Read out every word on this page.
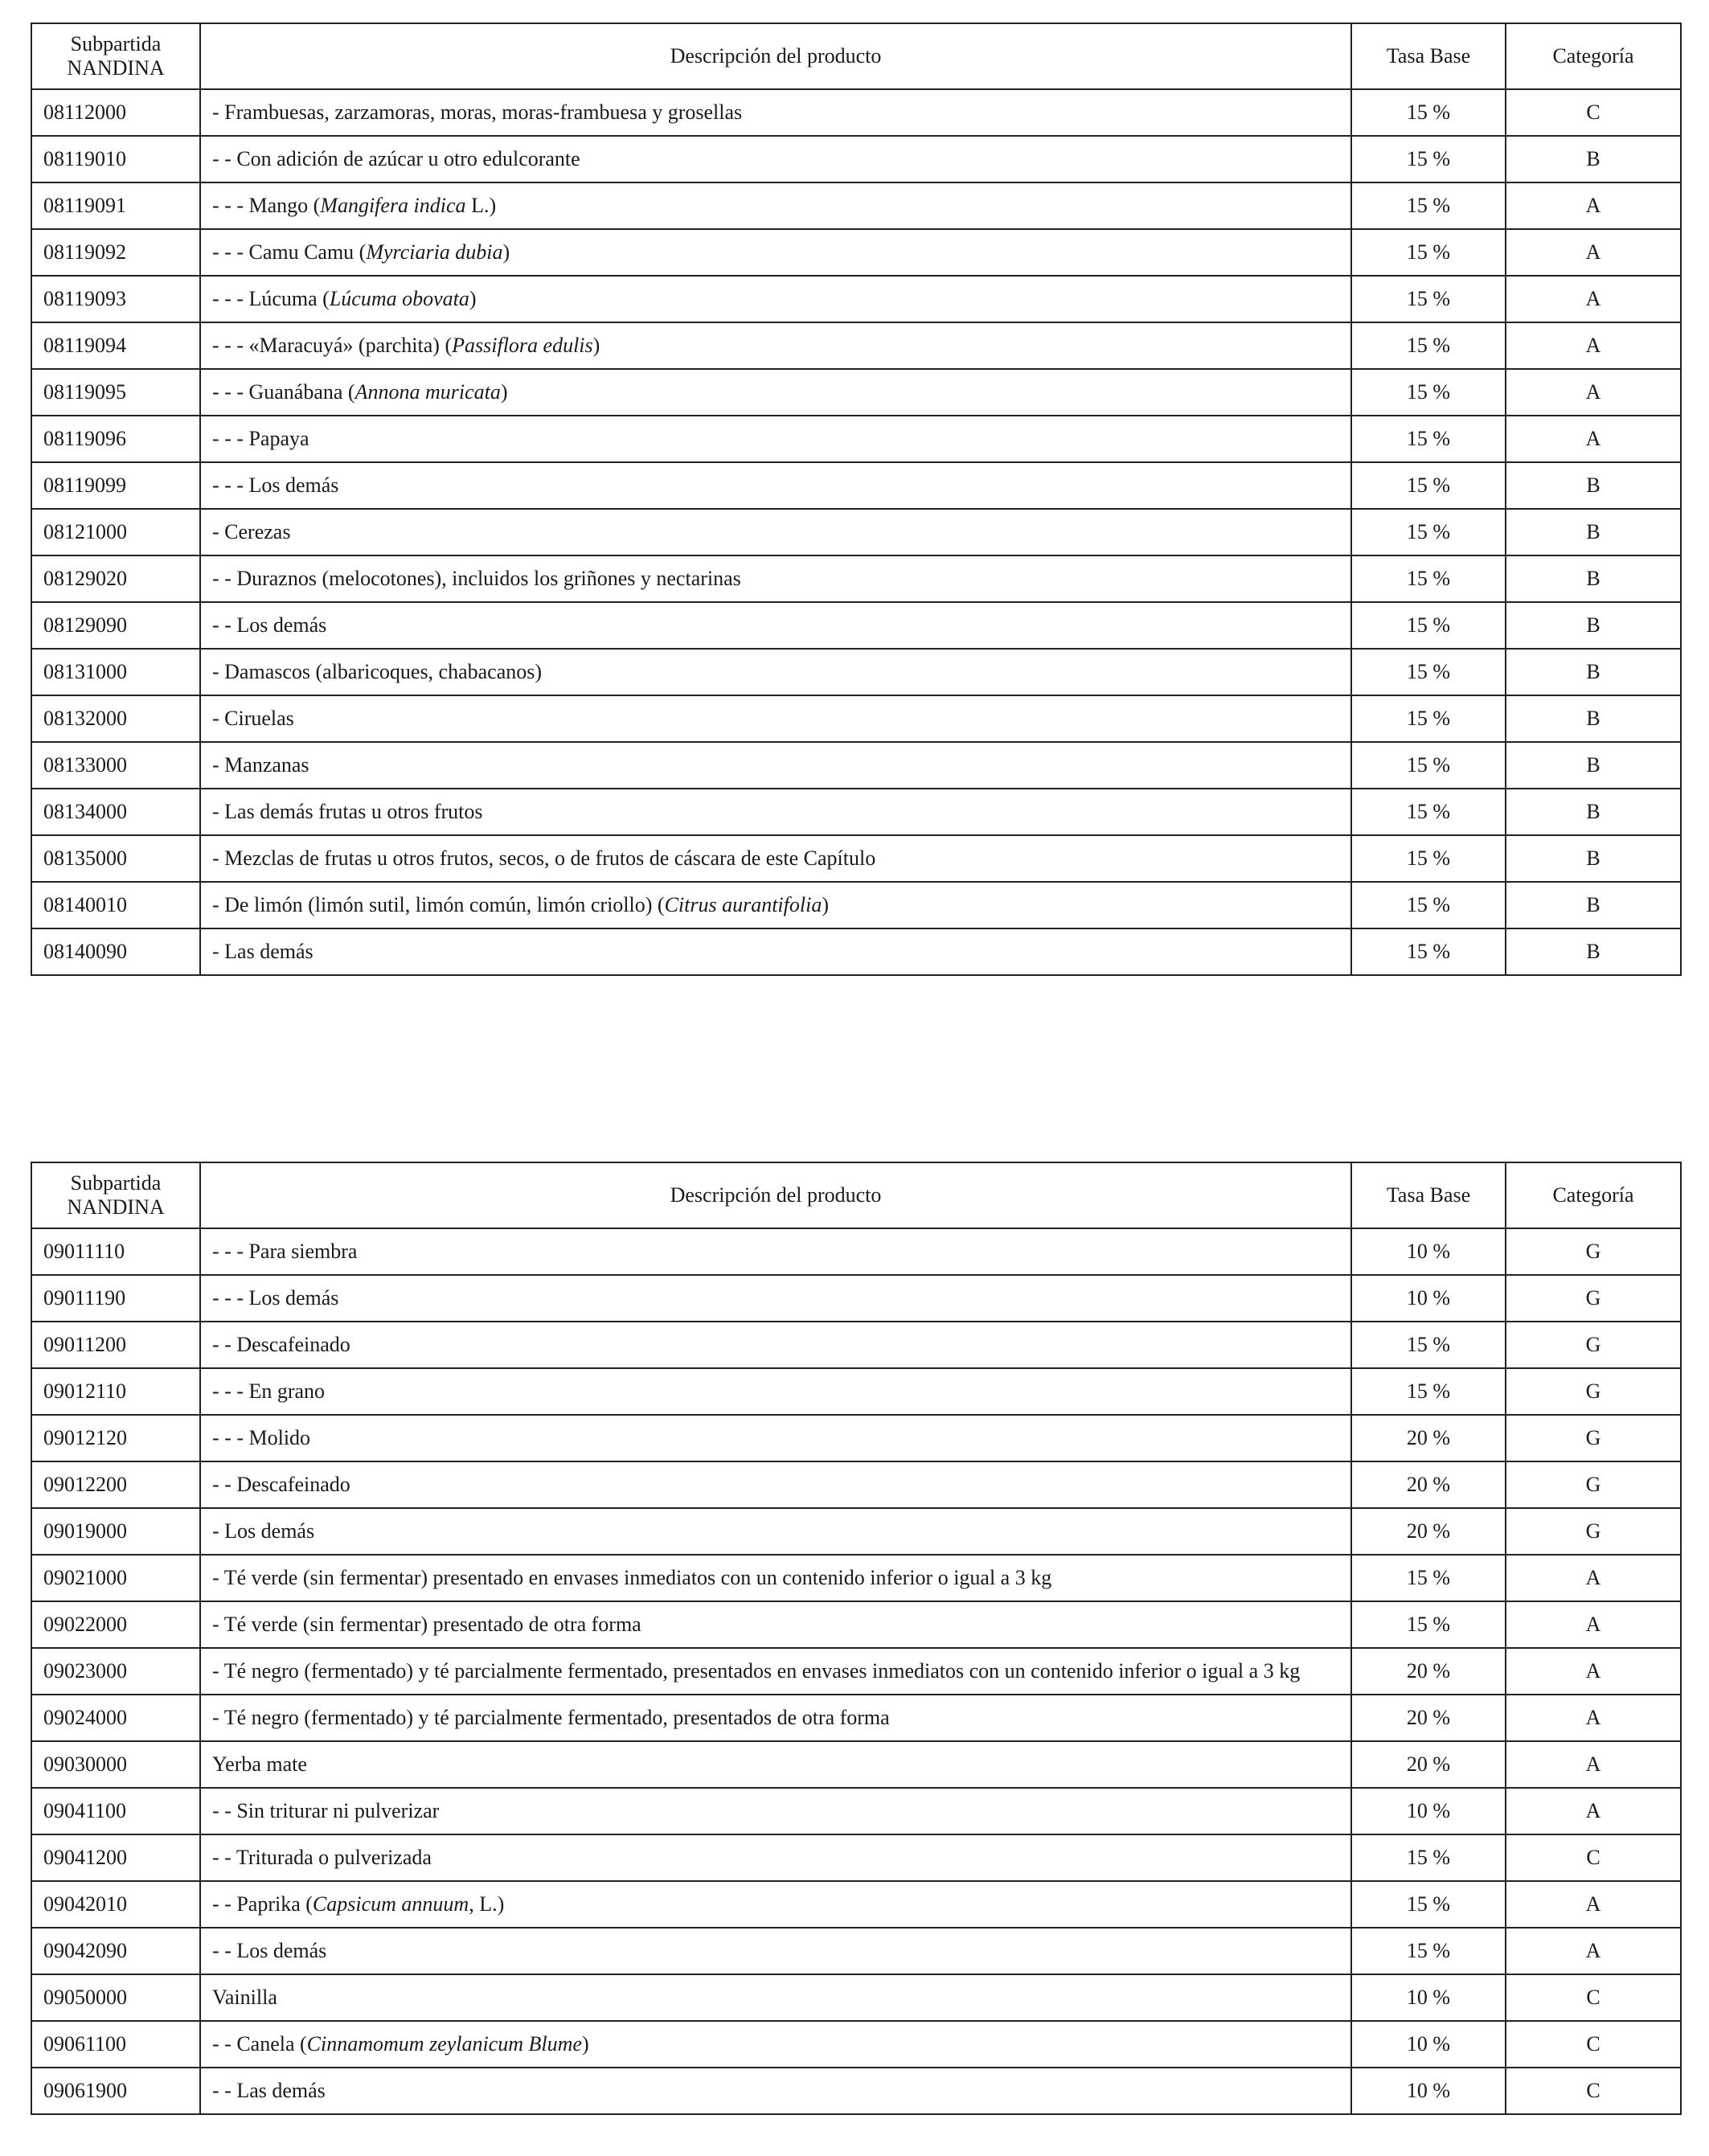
Subpartida NANDINA	Descripción del producto	Tasa Base	Categoría
08112000	- Frambuesas, zarzamoras, moras, moras-frambuesa y grosellas	15 %	C
08119010	- - Con adición de azúcar u otro edulcorante	15 %	B
08119091	- - - Mango (Mangifera indica L.)	15 %	A
08119092	- - - Camu Camu (Myrciaria dubia)	15 %	A
08119093	- - - Lúcuma (Lúcuma obovata)	15 %	A
08119094	- - - «Maracuyá» (parchita) (Passiflora edulis)	15 %	A
08119095	- - - Guanábana (Annona muricata)	15 %	A
08119096	- - - Papaya	15 %	A
08119099	- - - Los demás	15 %	B
08121000	- Cerezas	15 %	B
08129020	- - Duraznos (melocotones), incluidos los griñones y nectarinas	15 %	B
08129090	- - Los demás	15 %	B
08131000	- Damascos (albaricoques, chabacanos)	15 %	B
08132000	- Ciruelas	15 %	B
08133000	- Manzanas	15 %	B
08134000	- Las demás frutas u otros frutos	15 %	B
08135000	- Mezclas de frutas u otros frutos, secos, o de frutos de cáscara de este Capítulo	15 %	B
08140010	- De limón (limón sutil, limón común, limón criollo) (Citrus aurantifolia)	15 %	B
08140090	- Las demás	15 %	B
Subpartida NANDINA	Descripción del producto	Tasa Base	Categoría
09011110	- - - Para siembra	10 %	G
09011190	- - - Los demás	10 %	G
09011200	- - Descafeinado	15 %	G
09012110	- - - En grano	15 %	G
09012120	- - - Molido	20 %	G
09012200	- - Descafeinado	20 %	G
09019000	- Los demás	20 %	G
09021000	- Té verde (sin fermentar) presentado en envases inmediatos con un contenido inferior o igual a 3 kg	15 %	A
09022000	- Té verde (sin fermentar) presentado de otra forma	15 %	A
09023000	- Té negro (fermentado) y té parcialmente fermentado, presentados en envases inmediatos con un contenido inferior o igual a 3 kg	20 %	A
09024000	- Té negro (fermentado) y té parcialmente fermentado, presentados de otra forma	20 %	A
09030000	Yerba mate	20 %	A
09041100	- - Sin triturar ni pulverizar	10 %	A
09041200	- - Triturada o pulverizada	15 %	C
09042010	- - Paprika (Capsicum annuum, L.)	15 %	A
09042090	- - Los demás	15 %	A
09050000	Vainilla	10 %	C
09061100	- - Canela (Cinnamomum zeylanicum Blume)	10 %	C
09061900	- - Las demás	10 %	C
